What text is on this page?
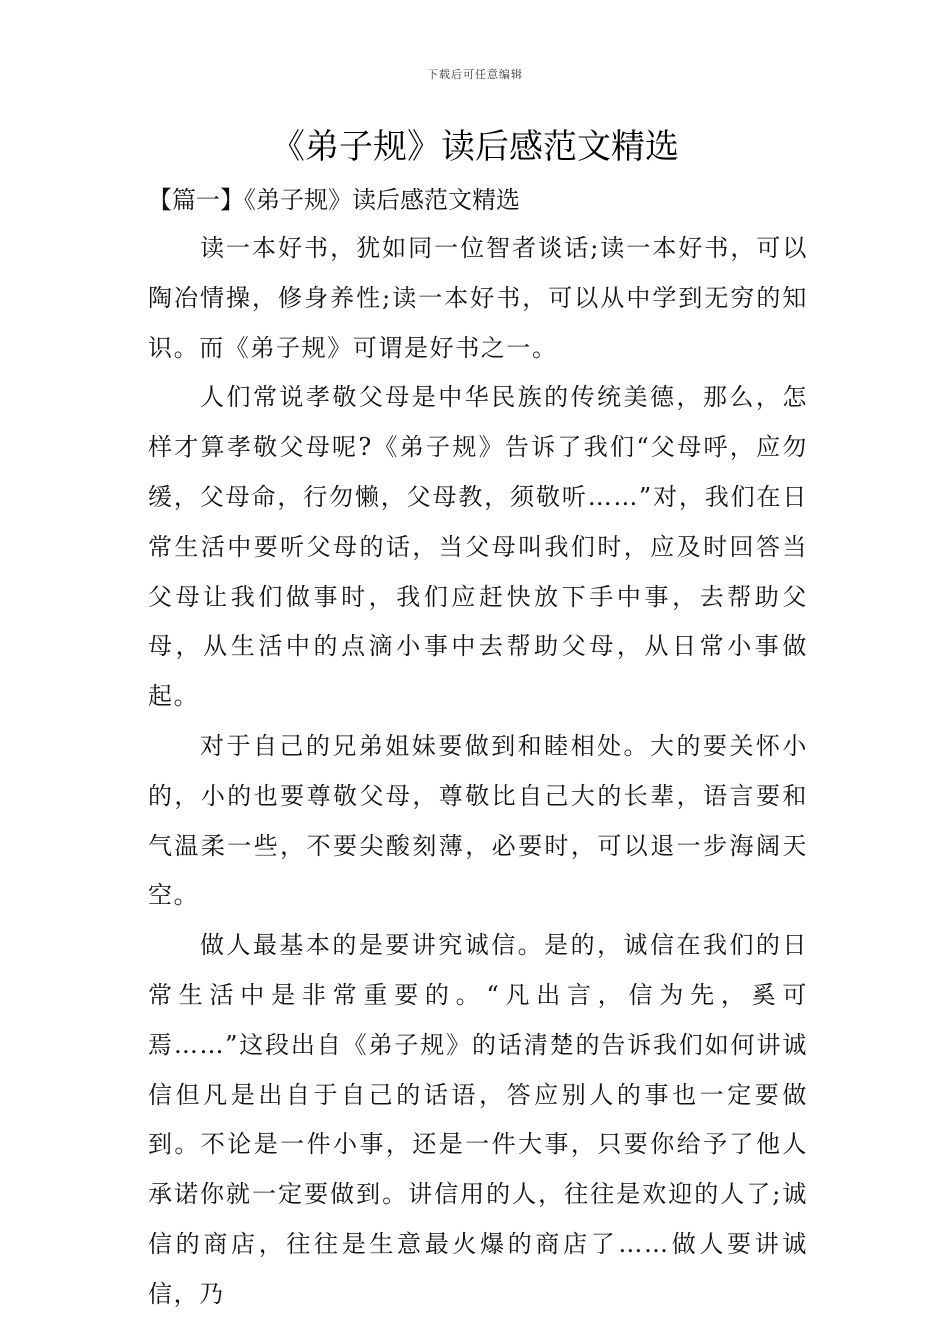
下载后可任意编辑
《弟子规》读后感范文精选
【篇一】《弟子规》读后感范文精选

读一本好书，犹如同一位智者谈话;读一本好书，可以陶冶情操，修身养性;读一本好书，可以从中学到无穷的知识。而《弟子规》可谓是好书之一。

人们常说孝敬父母是中华民族的传统美德，那么，怎样才算孝敬父母呢?《弟子规》告诉了我们“父母呼，应勿缓，父母命，行勿懒，父母教，须敬听……”对，我们在日常生活中要听父母的话，当父母叫我们时，应及时回答当父母让我们做事时，我们应赶快放下手中事，去帮助父母，从生活中的点滴小事中去帮助父母，从日常小事做起。

对于自己的兄弟姐妹要做到和睦相处。大的要关怀小的，小的也要尊敬父母，尊敬比自己大的长辈，语言要和气温柔一些，不要尖酸刻薄，必要时，可以退一步海阔天空。

做人最基本的是要讲究诚信。是的，诚信在我们的日常生活中是非常重要的。“凡出言，信为先，奚可焉……”这段出自《弟子规》的话清楚的告诉我们如何讲诚信但凡是出自于自己的话语，答应别人的事也一定要做到。不论是一件小事，还是一件大事，只要你给予了他人承诺你就一定要做到。讲信用的人，往往是欢迎的人了;诚信的商店，往往是生意最火爆的商店了……做人要讲诚信，乃
